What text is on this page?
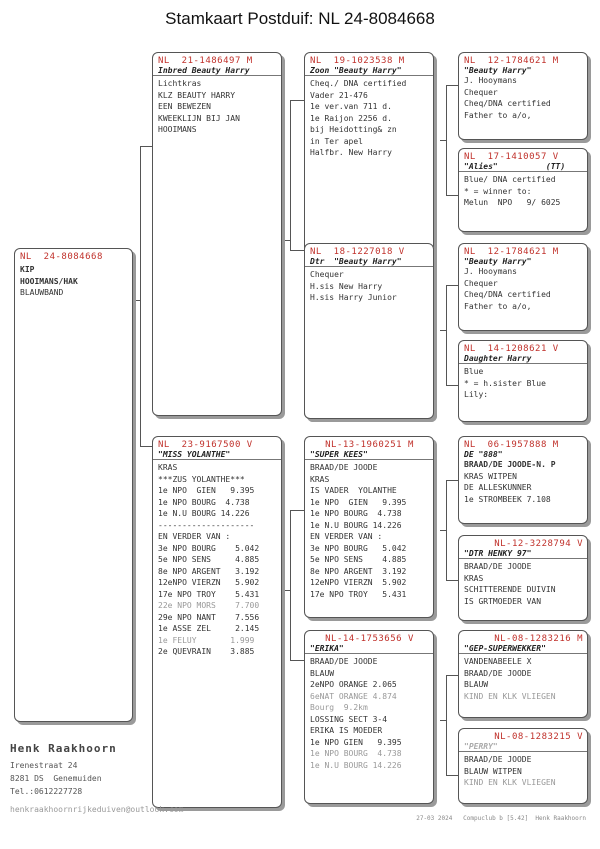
Stamkaart Postduif: NL 24-8084668
NL  24-8084668
KIP
HOOIMANS/HAK
BLAUWBAND
NL  21-1486497 M
Inbred Beauty Harry
Lichtkras
KLZ BEAUTY HARRY
EEN BEWEZEN
KWEEKLIJN BIJ JAN
HOOIMANS
NL  23-9167500 V
"MISS YOLANTHE"
KRAS
***ZUS YOLANTHE***
1e NPO  GIEN   9.395
1e NPO BOURG  4.738
1e N.U BOURG 14.226
--------------------
EN VERDER VAN :
3e NPO BOURG    5.042
5e NPO SENS     4.885
8e NPO ARGENT   3.192
12eNPO VIERZN   5.902
17e NPO TROY    5.431
22e NPO MORS    7.700
29e NPO NANT    7.556
1e ASSE ZEL     2.145
1e FELUY       1.999
2e QUEVRAIN    3.885
NL  19-1023538 M
Zoon "Beauty Harry"
Cheq./ DNA certified
Vader 21-476
1e ver.van 711 d.
1e Raijon 2256 d.
bij Heidotting& zn
in Ter apel
Halfbr. New Harry
NL  18-1227018 V
Dtr  "Beauty Harry"
Chequer
H.sis New Harry
H.sis Harry Junior
NL-13-1960251 M
"SUPER KEES"
BRAAD/DE JOODE
KRAS
IS VADER  YOLANTHE
1e NPO  GIEN   9.395
1e NPO BOURG  4.738
1e N.U BOURG 14.226
EN VERDER VAN :
3e NPO BOURG   5.042
5e NPO SENS    4.885
8e NPO ARGENT  3.192
12eNPO VIERZN  5.902
17e NPO TROY   5.431
NL-14-1753656 V
"ERIKA"
BRAAD/DE JOODE
BLAUW
2eNPO ORANGE 2.065
6eNAT ORANGE 4.874
Bourg  9.2km
LOSSING SECT 3-4
ERIKA IS MOEDER
1e NPO GIEN   9.395
1e NPO BOURG  4.738
1e N.U BOURG 14.226
NL  12-1784621 M
"Beauty Harry"
J. Hooymans
Chequer
Cheq/DNA certified
Father to a/o,
NL  17-1410057 V
"Alies"          (TT)
Blue/ DNA certified
* = winner to:
Melun  NPO   9/ 6025
NL  12-1784621 M
"Beauty Harry"
J. Hooymans
Chequer
Cheq/DNA certified
Father to a/o,
NL  14-1208621 V
Daughter Harry
Blue
* = h.sister Blue
Lily:
NL  06-1957888 M
DE "888"
BRAAD/DE JOODE-N. P
KRAS WITPEN
DE ALLESKUNNER
1e STROMBEEK 7.108
NL-12-3228794 V
"DTR HENKY 97"
BRAAD/DE JOODE
KRAS
SCHITTERENDE DUIVIN
IS GRTMOEDER VAN
NL-08-1283216 M
"GEP-SUPERWEKKER"
VANDENABEELE X
BRAAD/DE JOODE
BLAUW
KIND EN KLK VLIEGEN
NL-08-1283215 V
"PERRY"
BRAAD/DE JOODE
BLAUW WITPEN
KIND EN KLK VLIEGEN
Henk Raakhoorn
Irenestraat 24
8281 DS  Genemuiden
Tel.:0612227728
henkraakhoornrijkeduiven@outlook.com
27-03 2024   Compuclub b [5.42]  Henk Raakhoorn
